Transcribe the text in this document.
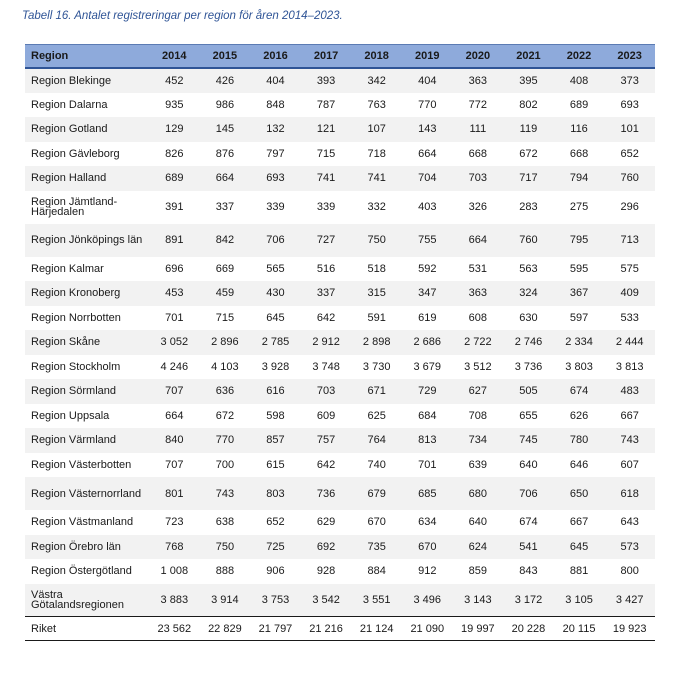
Tabell 16. Antalet registreringar per region för åren 2014–2023.
Region	2014	2015	2016	2017	2018	2019	2020	2021	2022	2023
Region Blekinge	452	426	404	393	342	404	363	395	408	373
Region Dalarna	935	986	848	787	763	770	772	802	689	693
Region Gotland	129	145	132	121	107	143	111	119	116	101
Region Gävleborg	826	876	797	715	718	664	668	672	668	652
Region Halland	689	664	693	741	741	704	703	717	794	760
Region Jämtland-Härjedalen	391	337	339	339	332	403	326	283	275	296
Region Jönköpings län	891	842	706	727	750	755	664	760	795	713
Region Kalmar	696	669	565	516	518	592	531	563	595	575
Region Kronoberg	453	459	430	337	315	347	363	324	367	409
Region Norrbotten	701	715	645	642	591	619	608	630	597	533
Region Skåne	3 052	2 896	2 785	2 912	2 898	2 686	2 722	2 746	2 334	2 444
Region Stockholm	4 246	4 103	3 928	3 748	3 730	3 679	3 512	3 736	3 803	3 813
Region Sörmland	707	636	616	703	671	729	627	505	674	483
Region Uppsala	664	672	598	609	625	684	708	655	626	667
Region Värmland	840	770	857	757	764	813	734	745	780	743
Region Västerbotten	707	700	615	642	740	701	639	640	646	607
Region Västernorrland	801	743	803	736	679	685	680	706	650	618
Region Västmanland	723	638	652	629	670	634	640	674	667	643
Region Örebro län	768	750	725	692	735	670	624	541	645	573
Region Östergötland	1 008	888	906	928	884	912	859	843	881	800
Västra Götalandsregionen	3 883	3 914	3 753	3 542	3 551	3 496	3 143	3 172	3 105	3 427
Riket	23 562	22 829	21 797	21 216	21 124	21 090	19 997	20 228	20 115	19 923
